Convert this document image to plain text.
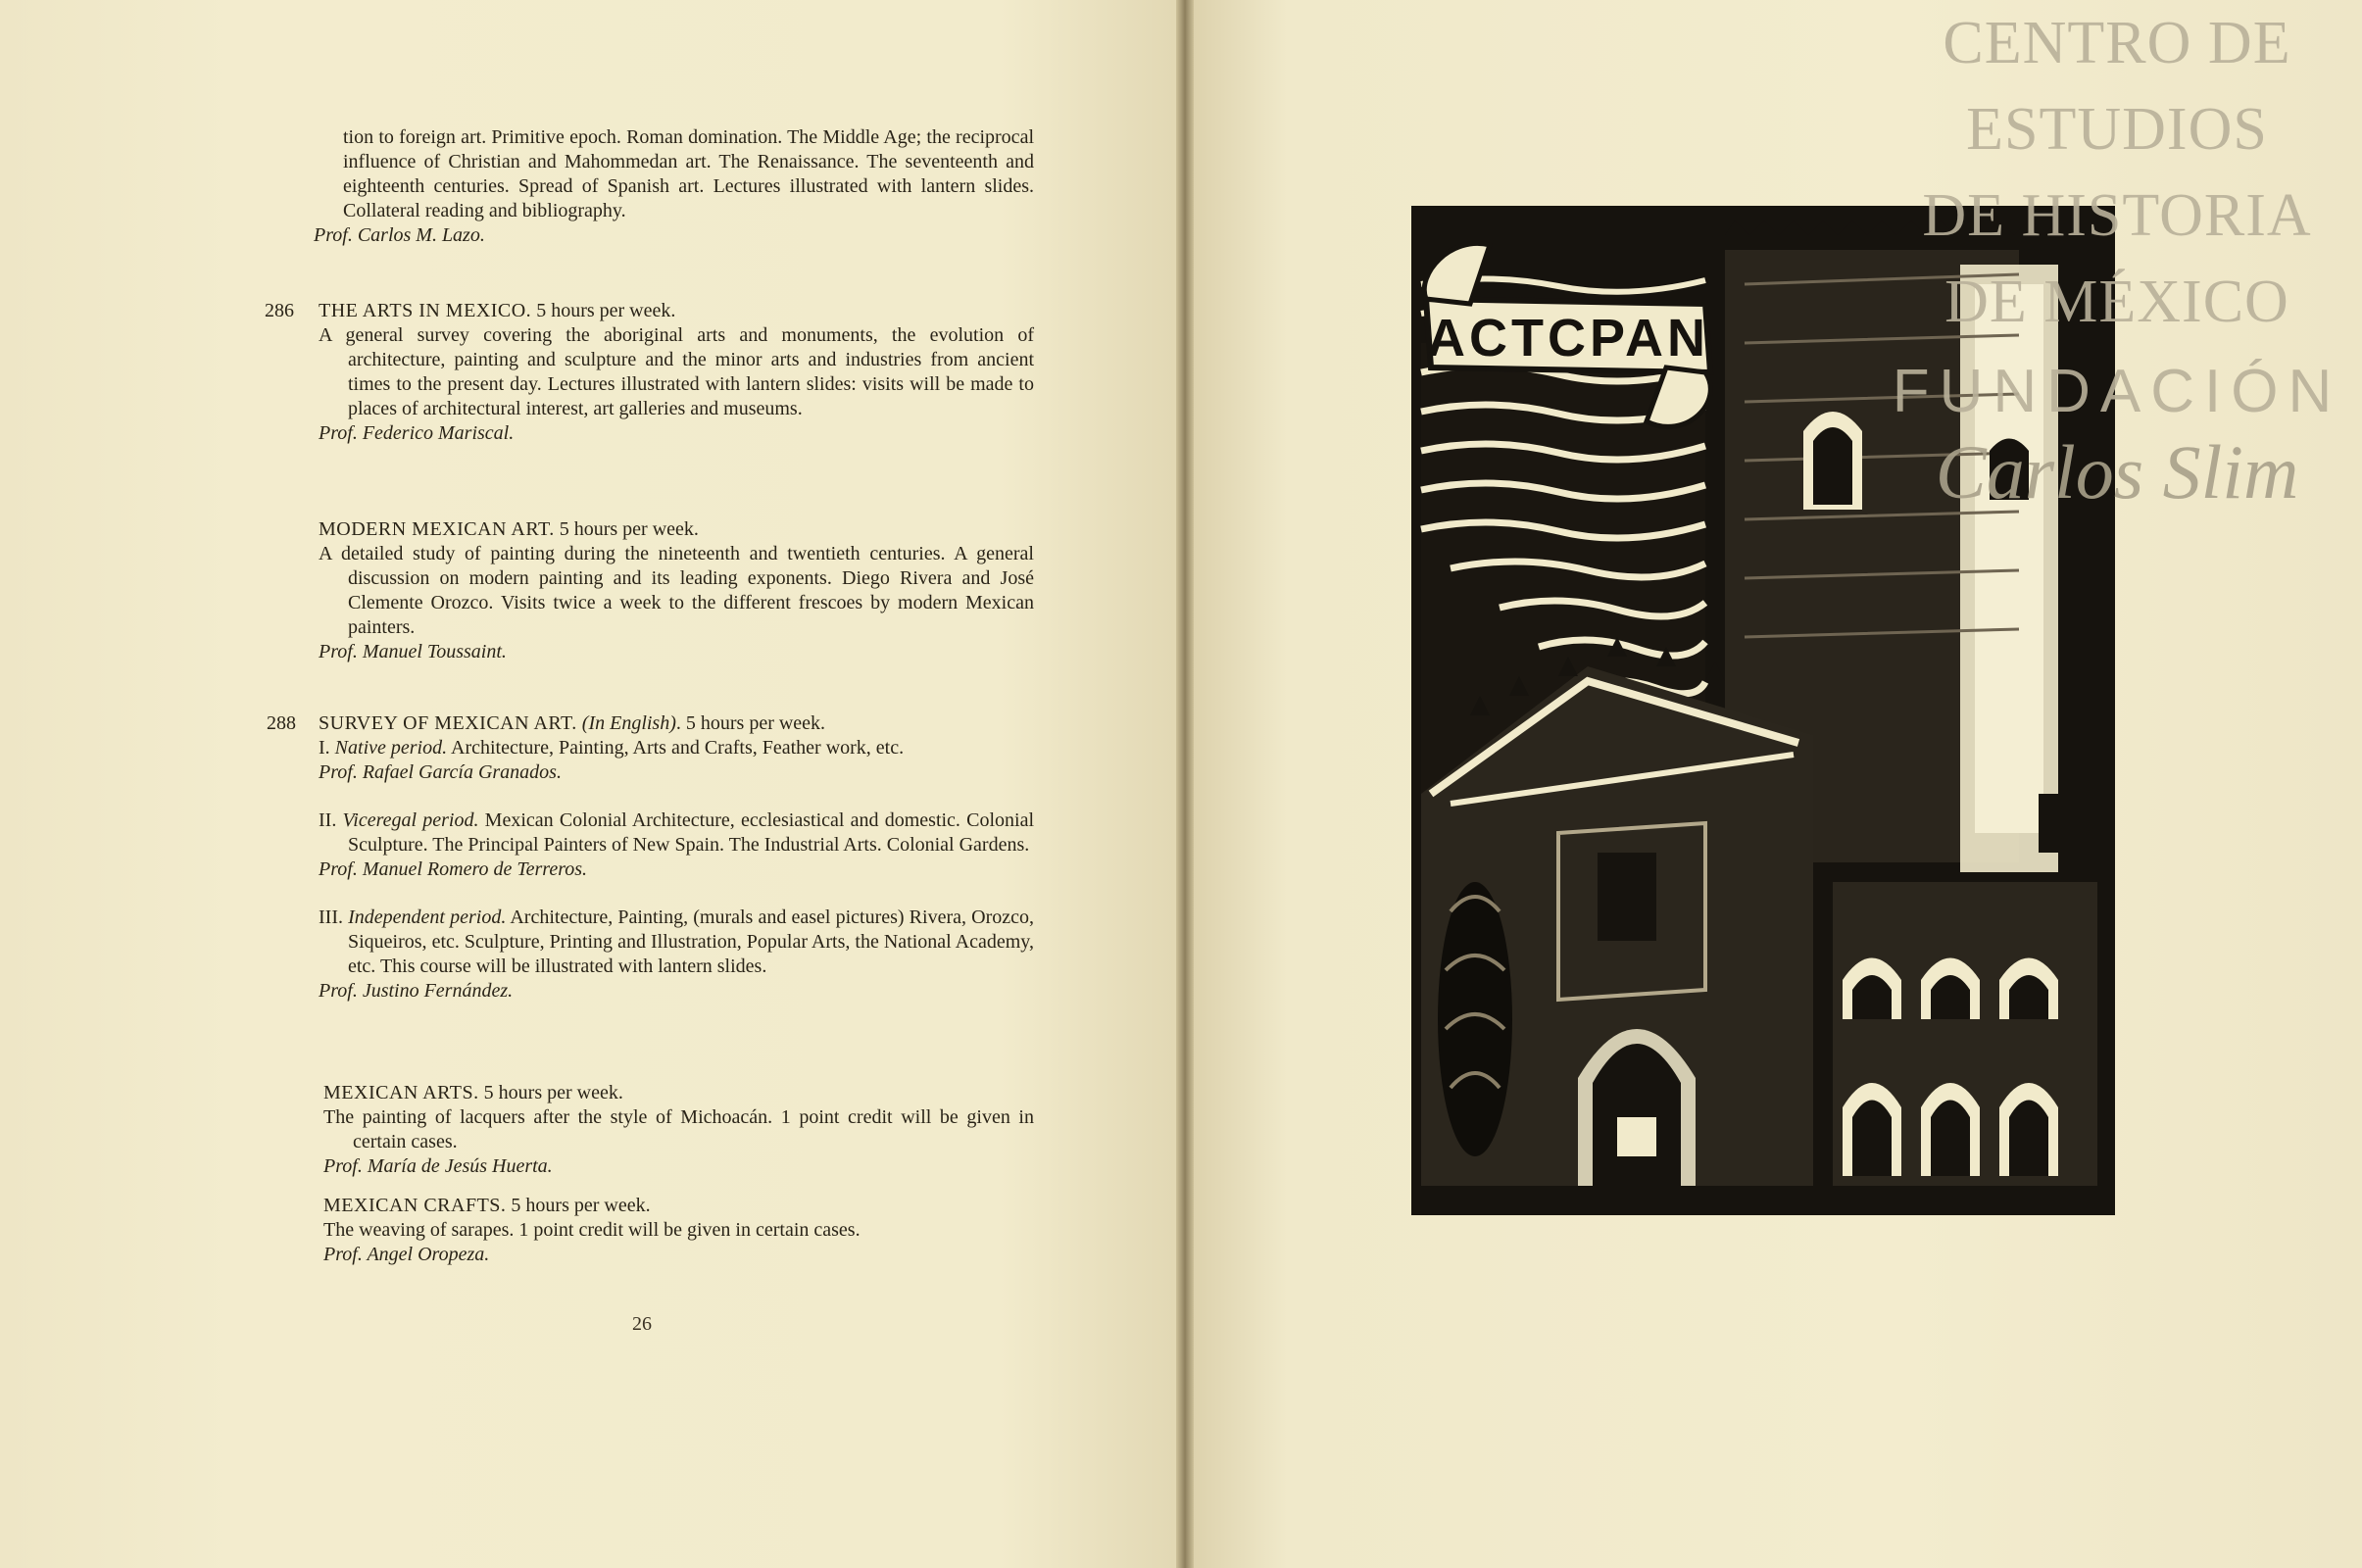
tion to foreign art. Primitive epoch. Roman domination. The Middle Age; the reciprocal influence of Christian and Mahommedan art. The Renaissance. The seventeenth and eighteenth centuries. Spread of Spanish art. Lectures illustrated with lantern slides. Collateral reading and bibliography.
Prof. Carlos M. Lazo.
286 THE ARTS IN MEXICO. 5 hours per week.
A general survey covering the aboriginal arts and monuments, the evolution of architecture, painting and sculpture and the minor arts and industries from ancient times to the present day. Lectures illustrated with lantern slides: visits will be made to places of architectural interest, art galleries and museums.
Prof. Federico Mariscal.
MODERN MEXICAN ART. 5 hours per week.
A detailed study of painting during the nineteenth and twentieth centuries. A general discussion on modern painting and its leading exponents. Diego Rivera and José Clemente Orozco. Visits twice a week to the different frescoes by modern Mexican painters.
Prof. Manuel Toussaint.
288 SURVEY OF MEXICAN ART. (In English). 5 hours per week.
I. Native period. Architecture, Painting, Arts and Crafts, Feather work, etc.
Prof. Rafael García Granados.
II. Viceregal period. Mexican Colonial Architecture, ecclesiastical and domestic. Colonial Sculpture. The Principal Painters of New Spain. The Industrial Arts. Colonial Gardens.
Prof. Manuel Romero de Terreros.
III. Independent period. Architecture, Painting, (murals and easel pictures) Rivera, Orozco, Siqueiros, etc. Sculpture, Printing and Illustration, Popular Arts, the National Academy, etc. This course will be illustrated with lantern slides.
Prof. Justino Fernández.
MEXICAN ARTS. 5 hours per week.
The painting of lacquers after the style of Michoacán. 1 point credit will be given in certain cases.
Prof. María de Jesús Huerta.
MEXICAN CRAFTS. 5 hours per week.
The weaving of sarapes. 1 point credit will be given in certain cases.
Prof. Angel Oropeza.
26
ACTCPAN
CENTRO DE
ESTUDIOS
DE HISTORIA
DE MÉXICO
FUNDACIÓN
Carlos Slim
